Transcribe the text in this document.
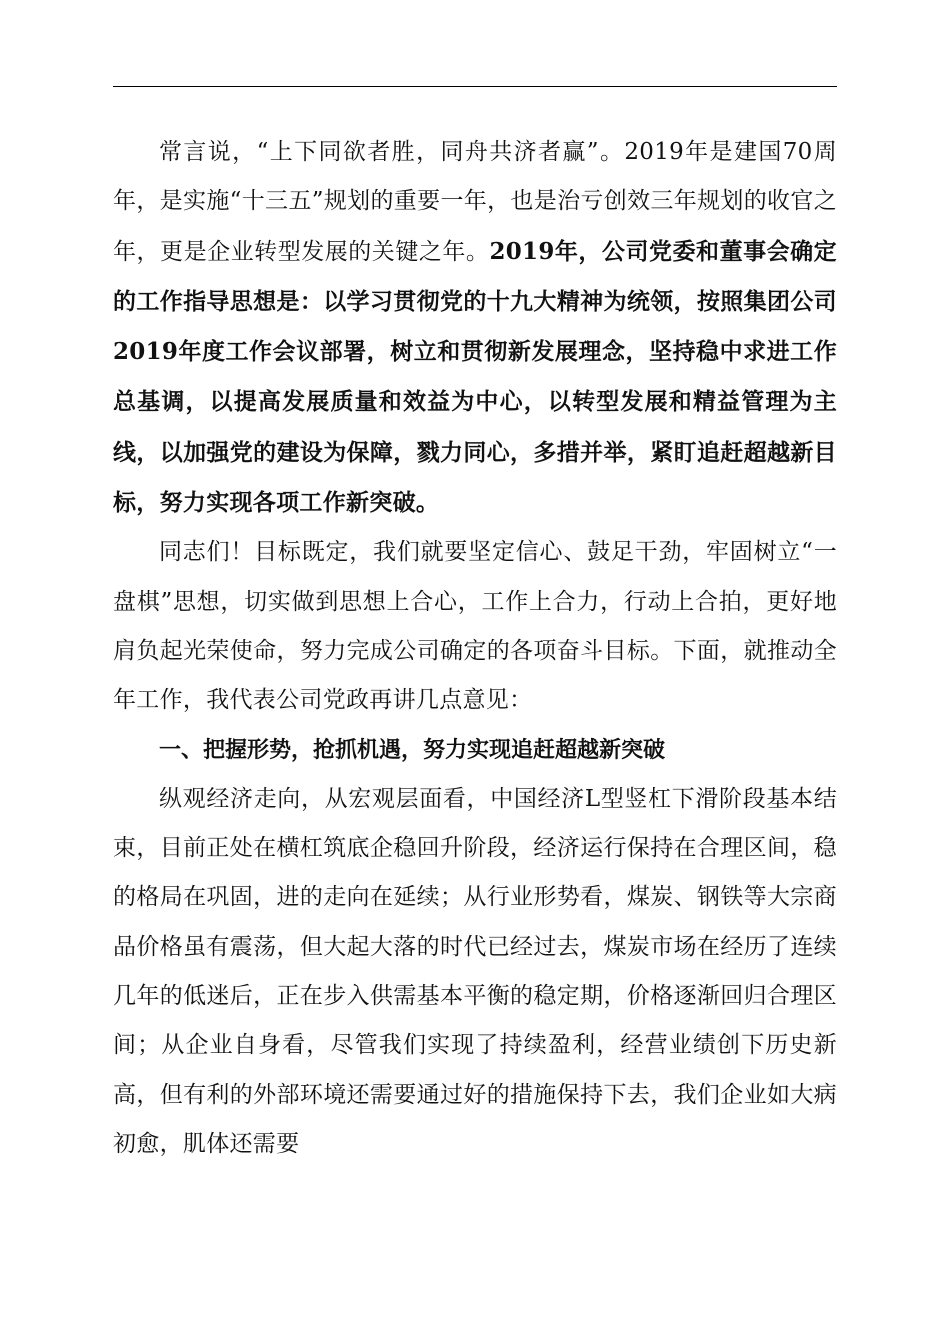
常言说，“上下同欲者胜，同舟共济者赢”。2019年是建国70周年，是实施“十三五”规划的重要一年，也是治亏创效三年规划的收官之年，更是企业转型发展的关键之年。2019年，公司党委和董事会确定的工作指导思想是：以学习贯彻党的十九大精神为统领，按照集团公司2019年度工作会议部署，树立和贯彻新发展理念，坚持稳中求进工作总基调，以提高发展质量和效益为中心，以转型发展和精益管理为主线，以加强党的建设为保障，戮力同心，多措并举，紧盯追赶超越新目标，努力实现各项工作新突破。

同志们！目标既定，我们就要坚定信心、鼓足干劲，牢固树立“一盘棋”思想，切实做到思想上合心，工作上合力，行动上合拍，更好地肩负起光荣使命，努力完成公司确定的各项奋斗目标。下面，就推动全年工作，我代表公司党政再讲几点意见：

一、把握形势，抢抓机遇，努力实现追赶超越新突破

纵观经济走向，从宏观层面看，中国经济L型竖杠下滑阶段基本结束，目前正处在横杠筑底企稳回升阶段，经济运行保持在合理区间，稳的格局在巩固，进的走向在延续；从行业形势看，煤炭、钢铁等大宗商品价格虽有震荡，但大起大落的时代已经过去，煤炭市场在经历了连续几年的低迷后，正在步入供需基本平衡的稳定期，价格逐渐回归合理区间；从企业自身看，尽管我们实现了持续盈利，经营业绩创下历史新高，但有利的外部环境还需要通过好的措施保持下去，我们企业如大病初愈，肌体还需要
